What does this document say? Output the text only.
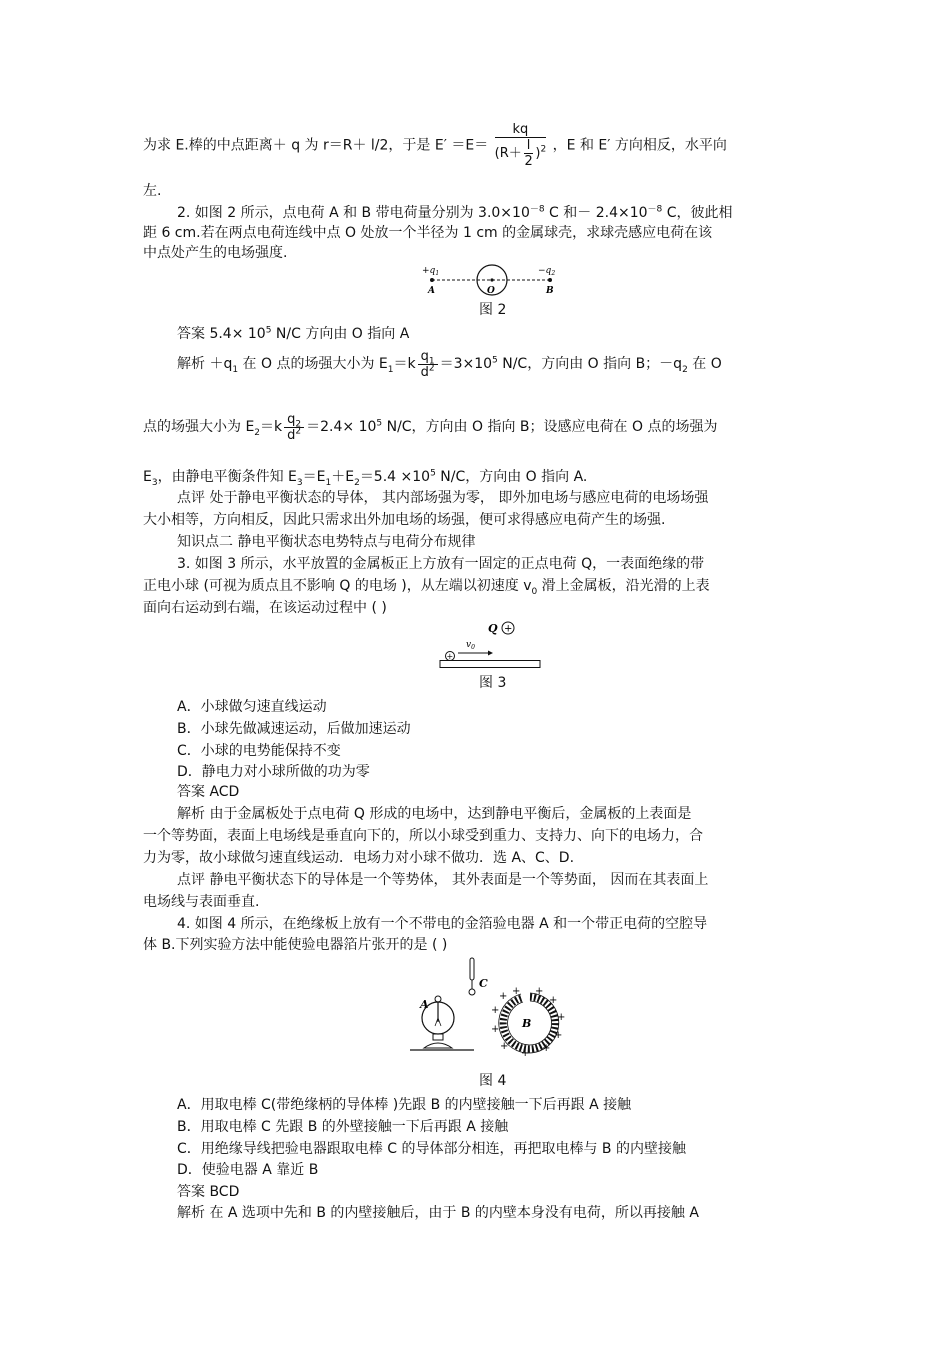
为求 E.棒的中点距离＋ q 为 r＝R＋ l/2，于是 $E' =E= \frac{kq}{(R+ \frac{l}{2} )^2}$ ，E 和 E′ 方向相反，水平向
左.
2. 如图 2 所示，点电荷 A 和 B 带电荷量分别为 $3.0\times 10^{-8}$ C 和－ $2.4\times 10^{-8}$ C，彼此相
距 6 cm.若在两点电荷连线中点 O 处放一个半径为 1 cm 的金属球壳，求球壳感应电荷在该
中点处产生的电场强度.
$+q_1$	$-q_2$
A	O	B
图 2
答案 $5.4\times 10^5$ N/C 方向由 O 指向 A
解析 $+q_1$ 在 O 点的场强大小为 $E_1=k \frac{q_1}{d^2} =3\times 10^5$ N/C，方向由 O 指向 B；$-q_2$ 在 O
点的场强大小为 $E_2=k \frac{q_2}{d^2} =2.4\times 10^5$ N/C，方向由 O 指向 B；设感应电荷在 O 点的场强为
$E_3$，由静电平衡条件知 $E_3=E_1+E_2=5.4 \times 10^5$ N/C，方向由 O 指向 A.
点评 处于静电平衡状态的导体， 其内部场强为零， 即外加电场与感应电荷的电场场强
大小相等，方向相反，因此只需求出外加电场的场强，便可求得感应电荷产生的场强.
知识点二 静电平衡状态电势特点与电荷分布规律
3. 如图 3 所示，水平放置的金属板正上方放有一固定的正点电荷 Q，一表面绝缘的带
正电小球 (可视为质点且不影响 Q 的电场 )，从左端以初速度 $v_0$ 滑上金属板，沿光滑的上表
面向右运动到右端，在该运动过程中 ( )
Q +
$v_0$
+
图 3
A．小球做匀速直线运动
B．小球先做减速运动，后做加速运动
C．小球的电势能保持不变
D．静电力对小球所做的功为零
答案 ACD
解析 由于金属板处于点电荷 Q 形成的电场中，达到静电平衡后，金属板的上表面是
一个等势面，表面上电场线是垂直向下的，所以小球受到重力、支持力、向下的电场力，合
力为零，故小球做匀速直线运动．电场力对小球不做功．选 A、C、D.
点评 静电平衡状态下的导体是一个等势体， 其外表面是一个等势面， 因而在其表面上
电场线与表面垂直.
4. 如图 4 所示，在绝缘板上放有一个不带电的金箔验电器 A 和一个带正电荷的空腔导
体 B.下列实验方法中能使验电器箔片张开的是 ( )
A
C
B
+ +
+
+
+
+
+
+
+
+
+
图 4
A．用取电棒 C(带绝缘柄的导体棒 )先跟 B 的内壁接触一下后再跟 A 接触
B．用取电棒 C 先跟 B 的外壁接触一下后再跟 A 接触
C．用绝缘导线把验电器跟取电棒 C 的导体部分相连，再把取电棒与 B 的内壁接触
D．使验电器 A 靠近 B
答案 BCD
解析 在 A 选项中先和 B 的内壁接触后，由于 B 的内壁本身没有电荷，所以再接触 A
